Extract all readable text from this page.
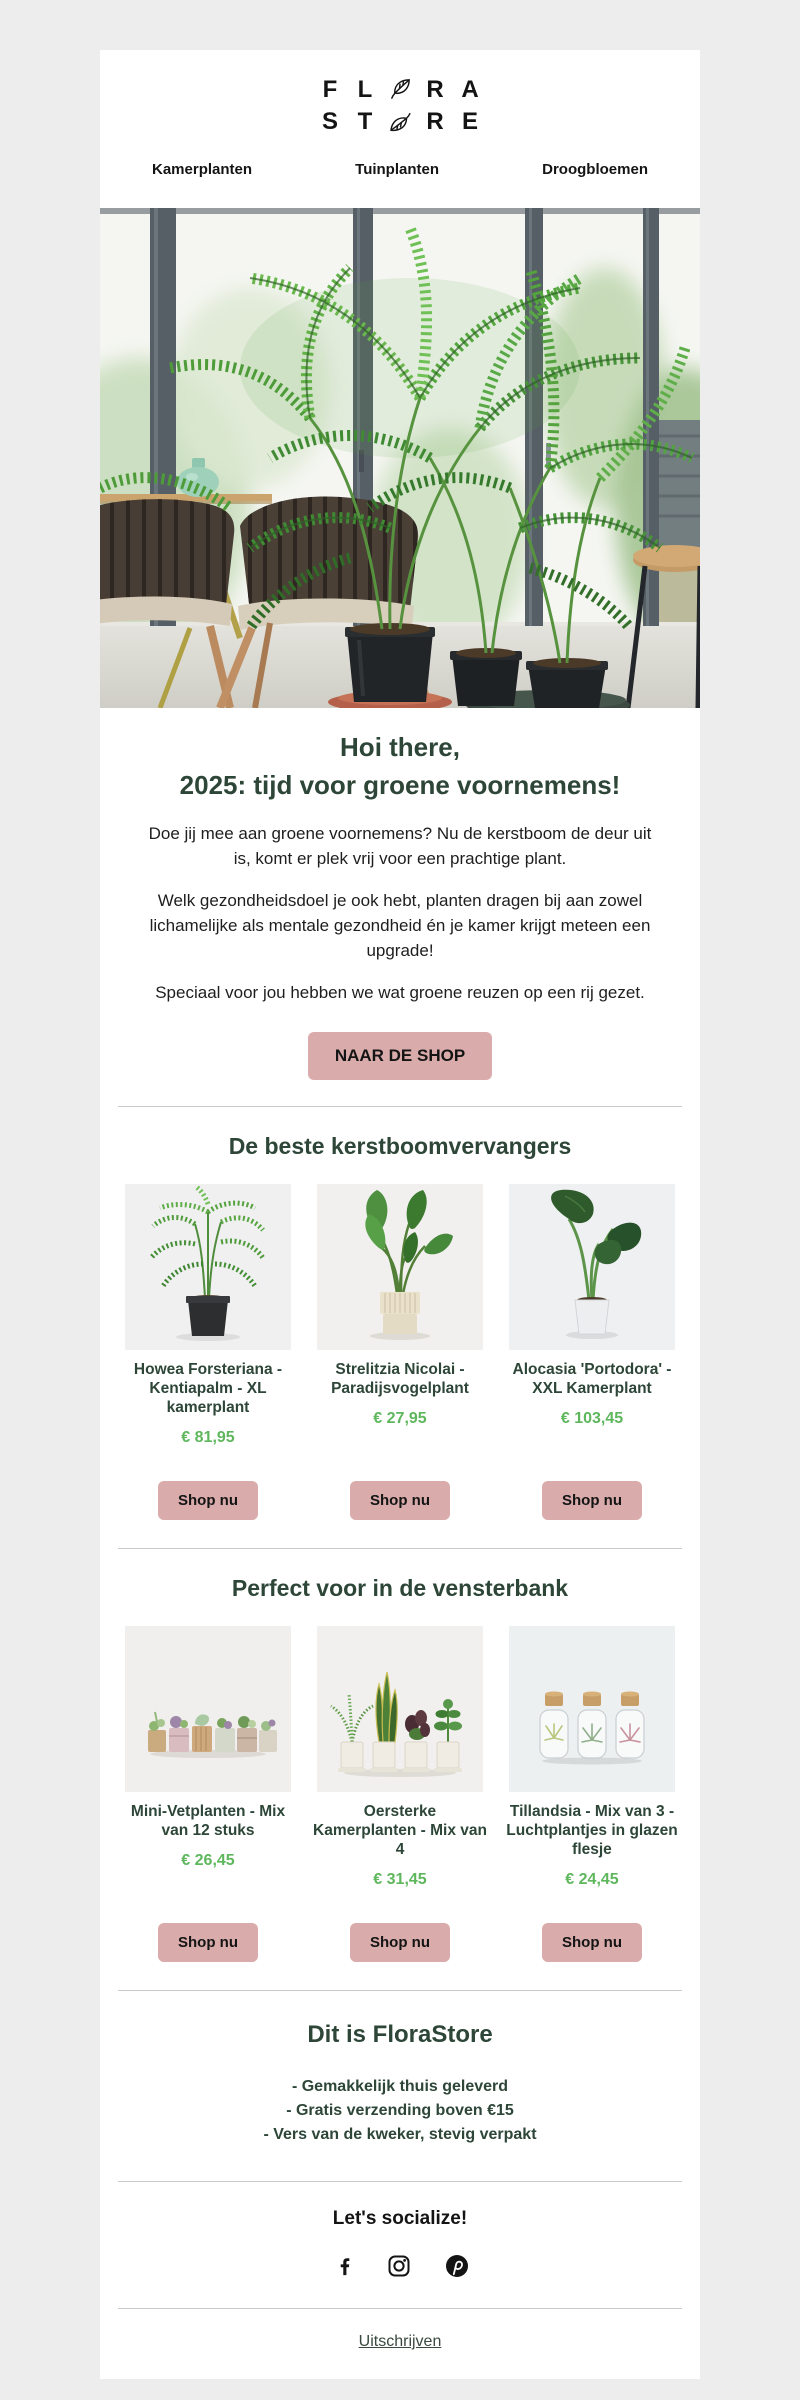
F L	R A
S T	R E
Kamerplanten	Tuinplanten	Droogbloemen
Hoi there,
2025: tijd voor groene voornemens!

Doe jij mee aan groene voornemens? Nu de kerstboom de deur uit is, komt er plek vrij voor een prachtige plant.

Welk gezondheidsdoel je ook hebt, planten dragen bij aan zowel lichamelijke als mentale gezondheid én je kamer krijgt meteen een upgrade!

Speciaal voor jou hebben we wat groene reuzen op een rij gezet.

NAAR DE SHOP
De beste kerstboomvervangers
Howea Forsteriana - Kentiapalm - XL kamerplant
€ 81,95
Shop nu
Strelitzia Nicolai - Paradijsvogelplant
€ 27,95
Shop nu
Alocasia 'Portodora' - XXL Kamerplant
€ 103,45
Shop nu
Perfect voor in de vensterbank
Mini-Vetplanten - Mix van 12 stuks
€ 26,45
Shop nu
Oersterke Kamerplanten - Mix van 4
€ 31,45
Shop nu
Tillandsia - Mix van 3 - Luchtplantjes in glazen flesje
€ 24,45
Shop nu
Dit is FloraStore
- Gemakkelijk thuis geleverd
- Gratis verzending boven €15
- Vers van de kweker, stevig verpakt
Let's socialize!
Uitschrijven
